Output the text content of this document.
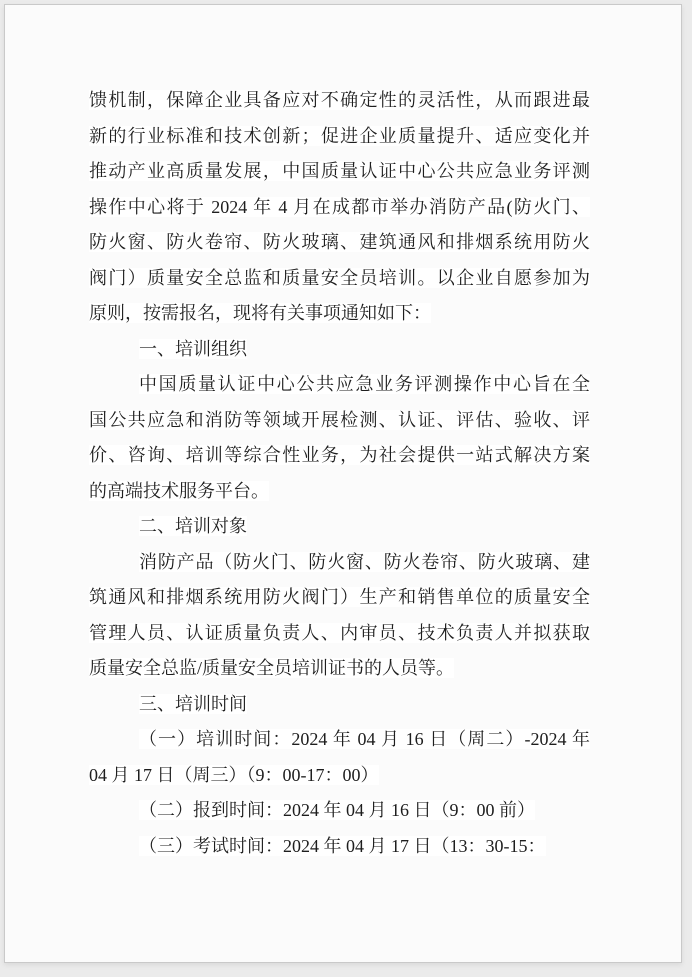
馈机制，保障企业具备应对不确定性的灵活性，从而跟进最
新的行业标准和技术创新；促进企业质量提升、适应变化并
推动产业高质量发展，中国质量认证中心公共应急业务评测
操作中心将于 2024 年 4 月在成都市举办消防产品(防火门、
防火窗、防火卷帘、防火玻璃、建筑通风和排烟系统用防火
阀门）质量安全总监和质量安全员培训。以企业自愿参加为
原则，按需报名，现将有关事项通知如下：
一、培训组织
中国质量认证中心公共应急业务评测操作中心旨在全
国公共应急和消防等领域开展检测、认证、评估、验收、评
价、咨询、培训等综合性业务，为社会提供一站式解决方案
的高端技术服务平台。
二、培训对象
消防产品（防火门、防火窗、防火卷帘、防火玻璃、建
筑通风和排烟系统用防火阀门）生产和销售单位的质量安全
管理人员、认证质量负责人、内审员、技术负责人并拟获取
质量安全总监/质量安全员培训证书的人员等。
三、培训时间
（一）培训时间：2024 年 04 月 16 日（周二）-2024 年
04 月 17 日（周三）（9：00-17：00）
（二）报到时间：2024 年 04 月 16 日（9：00 前）
（三）考试时间：2024 年 04 月 17 日（13：30-15：
